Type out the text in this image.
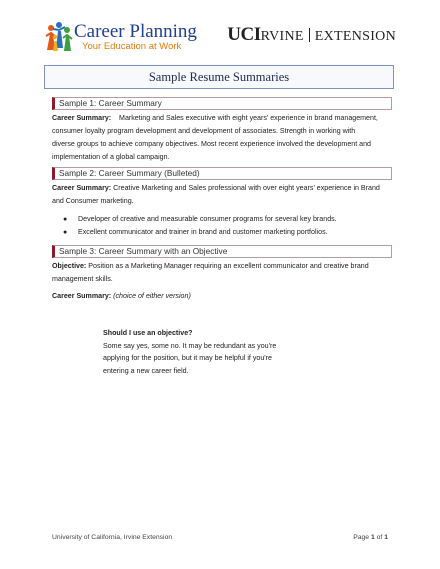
Career Planning
Your Education at Work
UCI RVINE EXTENSION
Sample Resume Summaries
Sample 1: Career Summary
Career Summary: Marketing and Sales executive with eight years' experience in brand management,
consumer loyalty program development and development of associates. Strength in working with
diverse groups to achieve company objectives. Most recent experience involved the development and
implementation of a global campaign.
Sample 2: Career Summary (Bulleted)
Career Summary: Creative Marketing and Sales professional with over eight years' experience in Brand
and Consumer marketing.
● Developer of creative and measurable consumer programs for several key brands.
● Excellent communicator and trainer in brand and customer marketing portfolios.
Sample 3: Career Summary with an Objective
Objective: Position as a Marketing Manager requiring an excellent communicator and creative brand
management skills.
Career Summary: (choice of either version)
Should I use an objective?
Some say yes, some no. It may be redundant as you're
applying for the position, but it may be helpful if you're
entering a new career field.
University of California, Irvine Extension	Page 1 of 1
